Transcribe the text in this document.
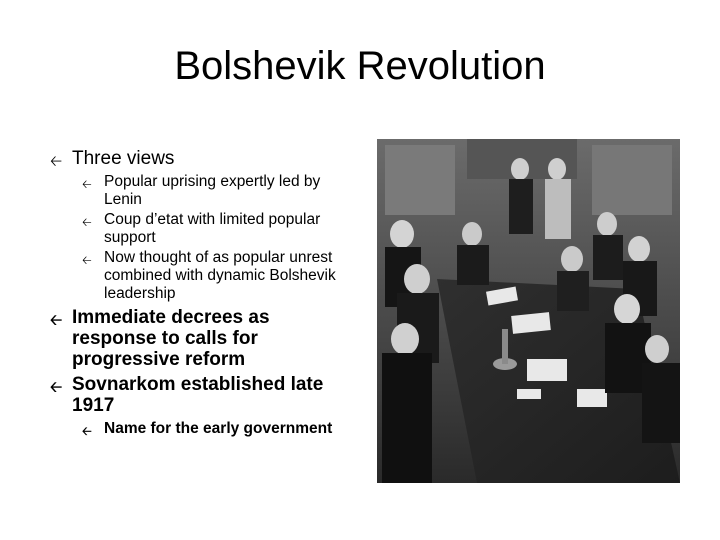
Bolshevik Revolution
🡠 Three views
🡠 Popular uprising expertly led by Lenin
🡠 Coup d’etat with limited popular support
🡠 Now thought of as popular unrest combined with dynamic Bolshevik leadership
🡠 Immediate decrees as response to calls for progressive reform
🡠 Sovnarkom established late 1917
🡠 Name for the early government
